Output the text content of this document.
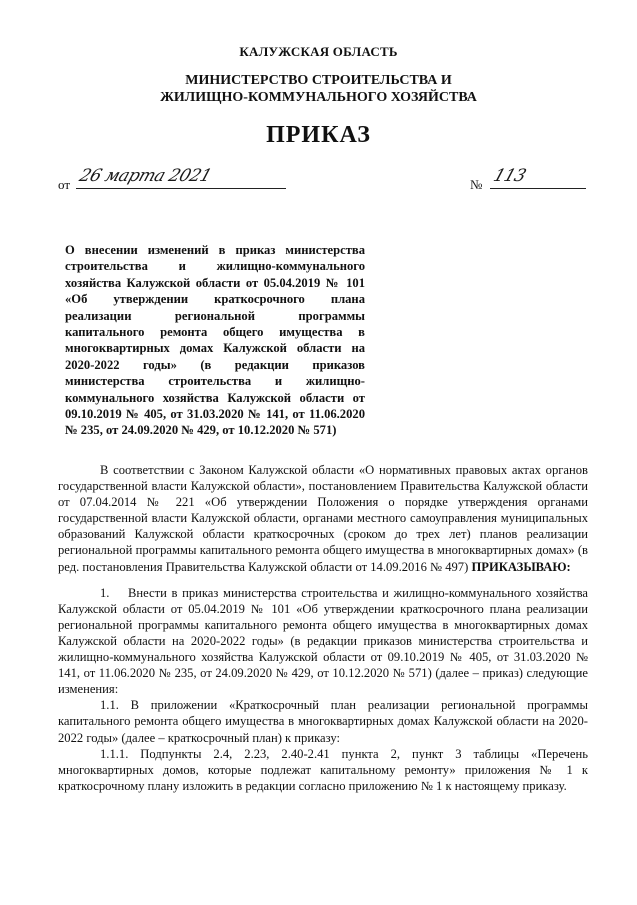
КАЛУЖСКАЯ ОБЛАСТЬ
МИНИСТЕРСТВО СТРОИТЕЛЬСТВА И
ЖИЛИЩНО-КОММУНАЛЬНОГО ХОЗЯЙСТВА
ПРИКАЗ
от 26 марта 2021	№ 113
О внесении изменений в приказ министерства строительства и жилищно-коммунального хозяйства Калужской области от 05.04.2019 № 101 «Об утверждении краткосрочного плана реализации региональной программы капитального ремонта общего имущества в многоквартирных домах Калужской области на 2020-2022 годы» (в редакции приказов министерства строительства и жилищно-коммунального хозяйства Калужской области от 09.10.2019 № 405, от 31.03.2020 № 141, от 11.06.2020 № 235, от 24.09.2020 № 429, от 10.12.2020 № 571)

В соответствии с Законом Калужской области «О нормативных правовых актах органов государственной власти Калужской области», постановлением Правительства Калужской области от 07.04.2014 № 221 «Об утверждении Положения о порядке утверждения органами государственной власти Калужской области, органами местного самоуправления муниципальных образований Калужской области краткосрочных (сроком до трех лет) планов реализации региональной программы капитального ремонта общего имущества в многоквартирных домах» (в ред. постановления Правительства Калужской области от 14.09.2016 № 497) ПРИКАЗЫВАЮ:

1.    Внести в приказ министерства строительства и жилищно-коммунального хозяйства Калужской области от 05.04.2019 № 101 «Об утверждении краткосрочного плана реализации региональной программы капитального ремонта общего имущества в многоквартирных домах Калужской области на 2020-2022 годы» (в редакции приказов министерства строительства и жилищно-коммунального хозяйства Калужской области от 09.10.2019 № 405, от 31.03.2020 № 141, от 11.06.2020 № 235, от 24.09.2020 № 429, от 10.12.2020 № 571) (далее – приказ) следующие изменения:

1.1. В приложении «Краткосрочный план реализации региональной программы капитального ремонта общего имущества в многоквартирных домах Калужской области на 2020-2022 годы» (далее – краткосрочный план) к приказу:

1.1.1. Подпункты 2.4, 2.23, 2.40-2.41 пункта 2, пункт 3 таблицы «Перечень многоквартирных домов, которые подлежат капитальному ремонту» приложения № 1 к краткосрочному плану изложить в редакции согласно приложению № 1 к настоящему приказу.
